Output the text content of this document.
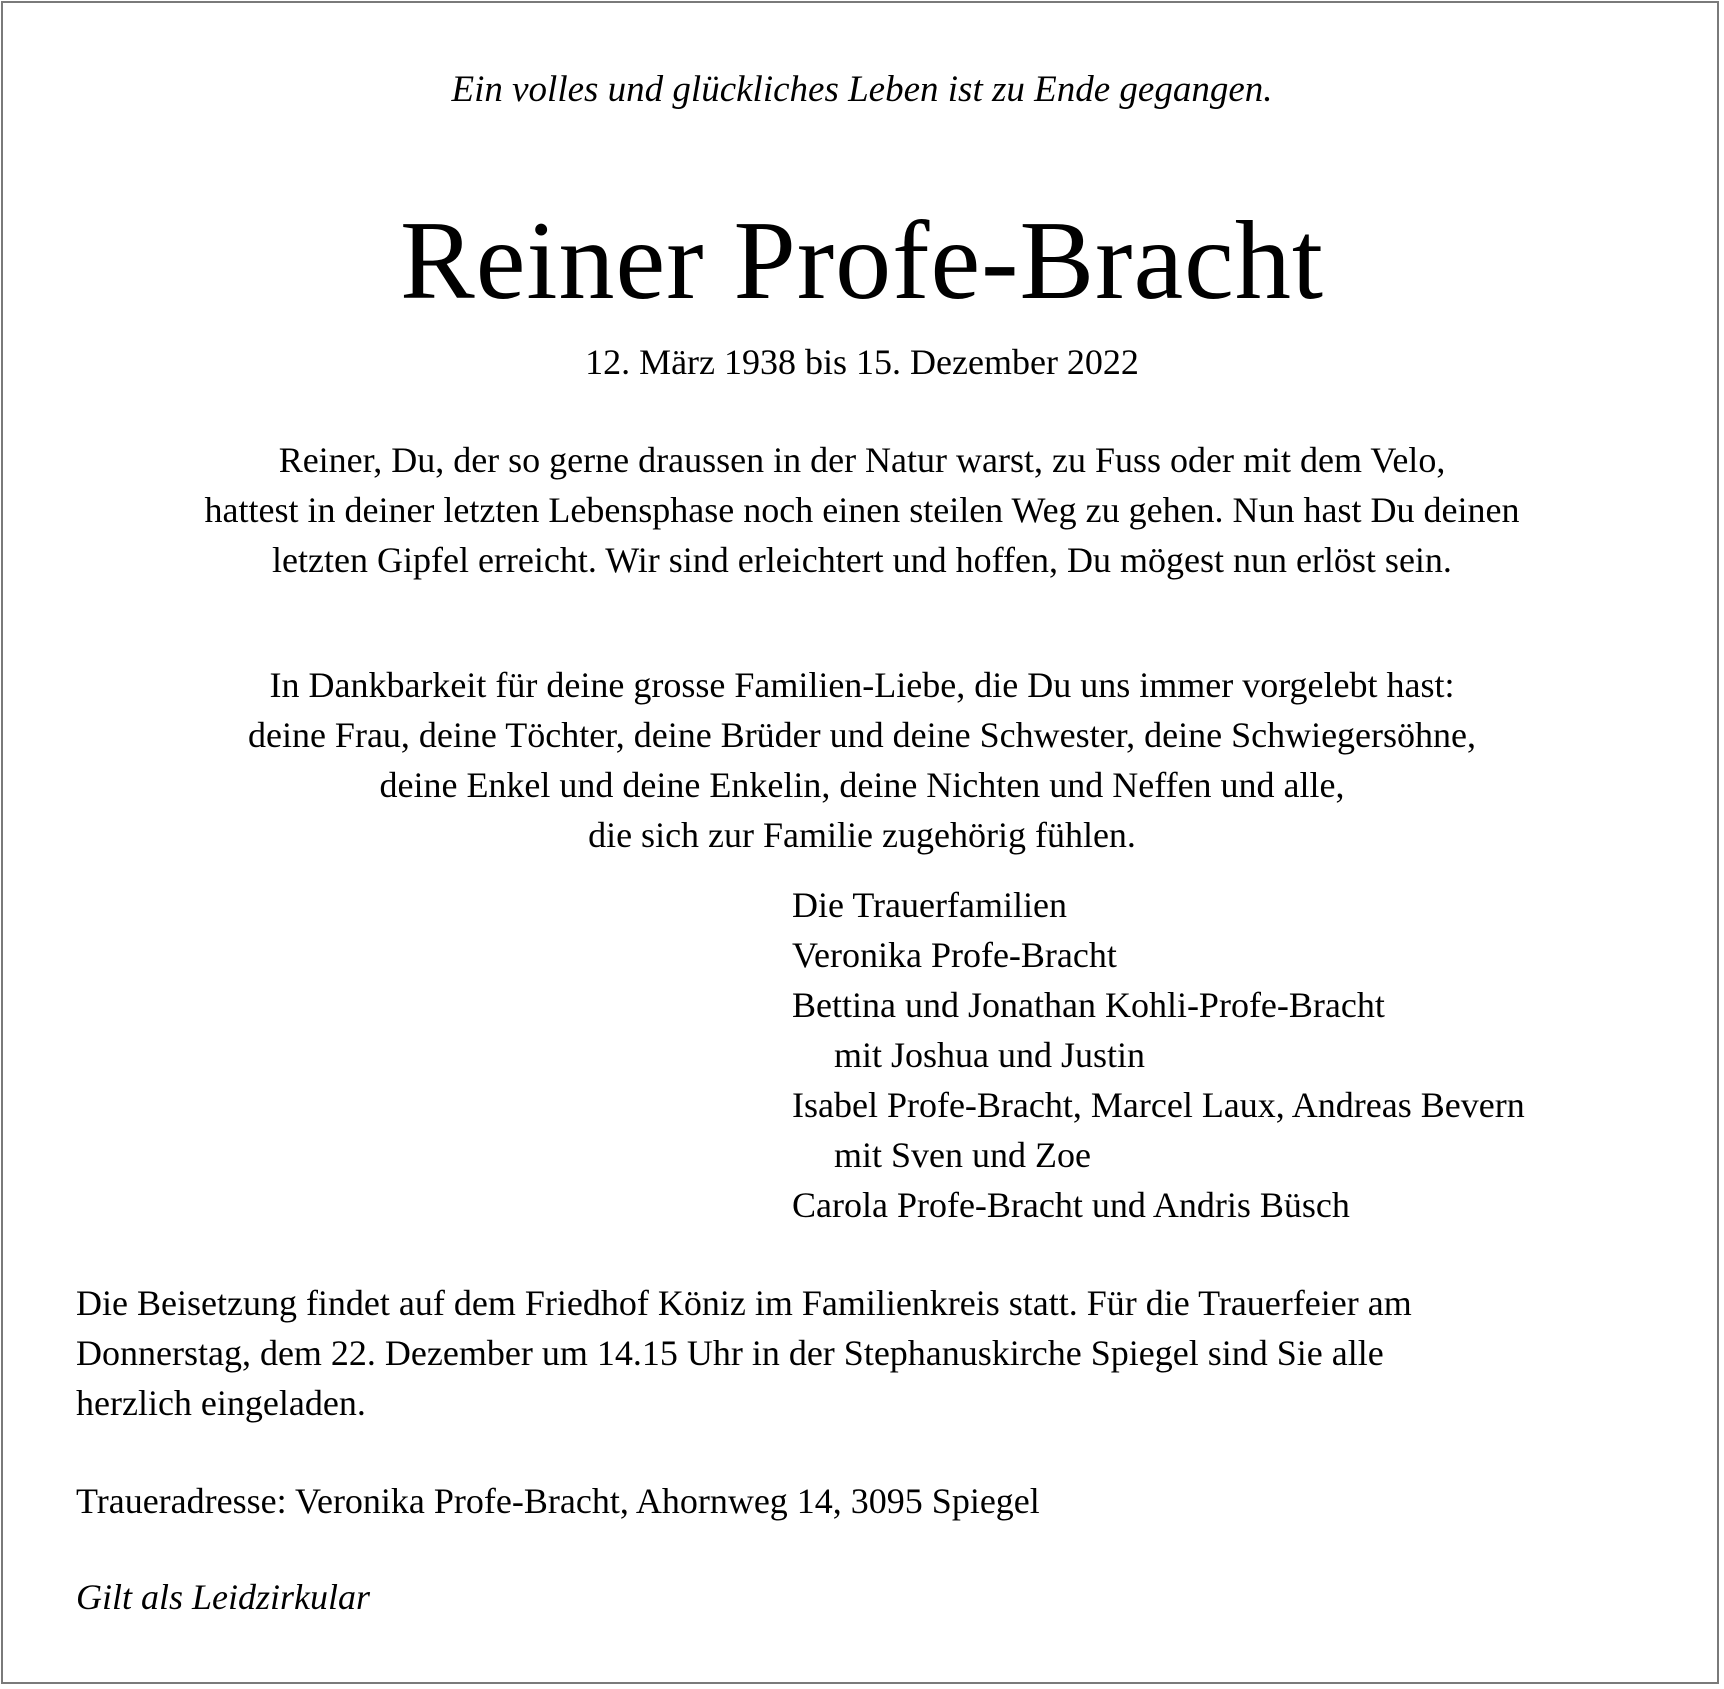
Ein volles und glückliches Leben ist zu Ende gegangen.
Reiner Profe-Bracht
12. März 1938 bis 15. Dezember 2022
Reiner, Du, der so gerne draussen in der Natur warst, zu Fuss oder mit dem Velo,
hattest in deiner letzten Lebensphase noch einen steilen Weg zu gehen. Nun hast Du deinen
letzten Gipfel erreicht. Wir sind erleichtert und hoffen, Du mögest nun erlöst sein.
In Dankbarkeit für deine grosse Familien-Liebe, die Du uns immer vorgelebt hast:
deine Frau, deine Töchter, deine Brüder und deine Schwester, deine Schwiegersöhne,
deine Enkel und deine Enkelin, deine Nichten und Neffen und alle,
die sich zur Familie zugehörig fühlen.
Die Trauerfamilien
Veronika Profe-Bracht
Bettina und Jonathan Kohli-Profe-Bracht
mit Joshua und Justin
Isabel Profe-Bracht, Marcel Laux, Andreas Bevern
mit Sven und Zoe
Carola Profe-Bracht und Andris Büsch
Die Beisetzung findet auf dem Friedhof Köniz im Familienkreis statt. Für die Trauerfeier am
Donnerstag, dem 22. Dezember um 14.15 Uhr in der Stephanuskirche Spiegel sind Sie alle
herzlich eingeladen.
Traueradresse: Veronika Profe-Bracht, Ahornweg 14, 3095 Spiegel
Gilt als Leidzirkular
